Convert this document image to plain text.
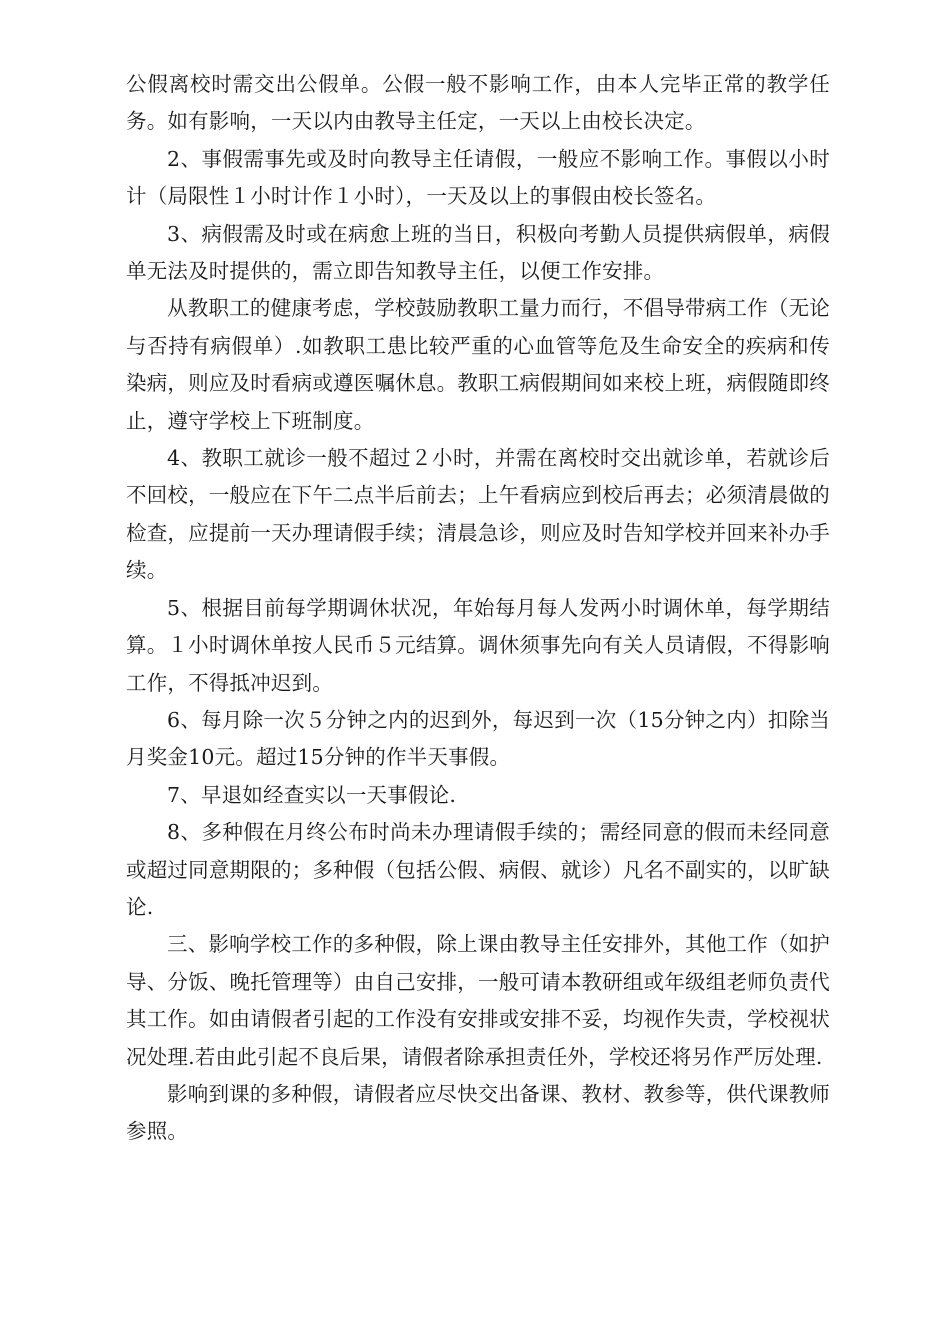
公假离校时需交出公假单。公假一般不影响工作，由本人完毕正常的教学任务。如有影响，一天以内由教导主任定，一天以上由校长决定。

2、事假需事先或及时向教导主任请假，一般应不影响工作。事假以小时计（局限性１小时计作１小时），一天及以上的事假由校长签名。

3、病假需及时或在病愈上班的当日，积极向考勤人员提供病假单，病假单无法及时提供的，需立即告知教导主任，以便工作安排。

从教职工的健康考虑，学校鼓励教职工量力而行，不倡导带病工作（无论与否持有病假单）.如教职工患比较严重的心血管等危及生命安全的疾病和传染病，则应及时看病或遵医嘱休息。教职工病假期间如来校上班，病假随即终止，遵守学校上下班制度。

4、教职工就诊一般不超过２小时，并需在离校时交出就诊单，若就诊后不回校，一般应在下午二点半后前去；上午看病应到校后再去；必须清晨做的检查，应提前一天办理请假手续；清晨急诊，则应及时告知学校并回来补办手续。

5、根据目前每学期调休状况，年始每月每人发两小时调休单，每学期结算。１小时调休单按人民币５元结算。调休须事先向有关人员请假，不得影响工作，不得抵冲迟到。

6、每月除一次５分钟之内的迟到外，每迟到一次（15分钟之内）扣除当月奖金10元。超过15分钟的作半天事假。

7、早退如经查实以一天事假论.

8、多种假在月终公布时尚未办理请假手续的；需经同意的假而未经同意或超过同意期限的；多种假（包括公假、病假、就诊）凡名不副实的，以旷缺论.

三、影响学校工作的多种假，除上课由教导主任安排外，其他工作（如护导、分饭、晚托管理等）由自己安排，一般可请本教研组或年级组老师负责代其工作。如由请假者引起的工作没有安排或安排不妥，均视作失责，学校视状况处理.若由此引起不良后果，请假者除承担责任外，学校还将另作严厉处理.

影响到课的多种假，请假者应尽快交出备课、教材、教参等，供代课教师参照。
